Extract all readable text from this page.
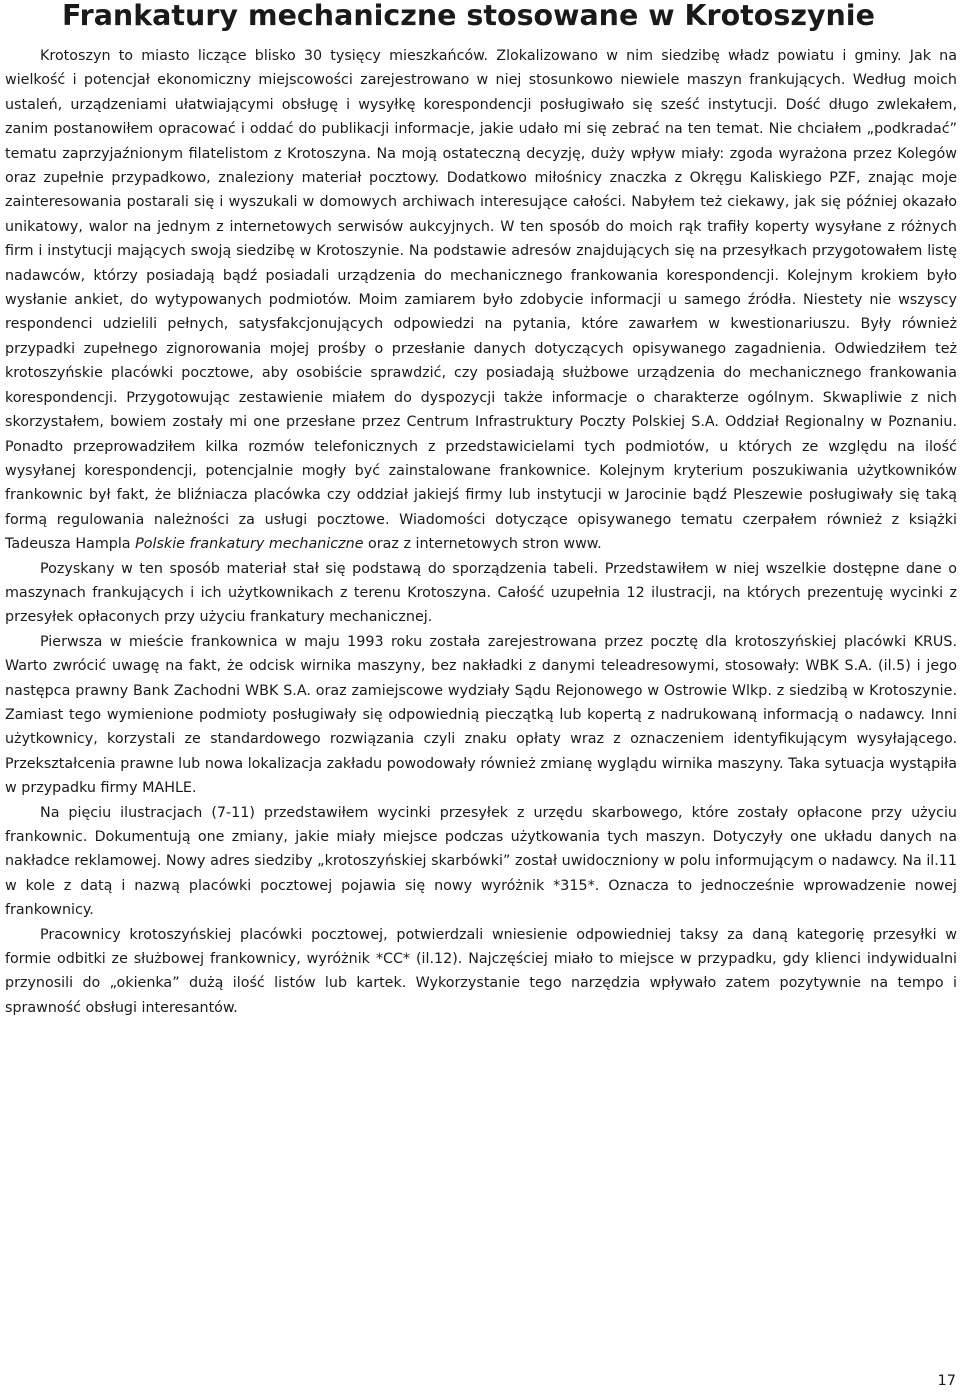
Frankatury mechaniczne stosowane w Krotoszynie

Krotoszyn to miasto liczące blisko 30 tysięcy mieszkańców. Zlokalizowano w nim siedzibę władz powiatu i gminy. Jak na wielkość i potencjał ekonomiczny miejscowości zarejestrowano w niej stosunkowo niewiele maszyn frankujących. Według moich ustaleń, urządzeniami ułatwiającymi obsługę i wysyłkę korespondencji posługiwało się sześć instytucji. Dość długo zwlekałem, zanim postanowiłem opracować i oddać do publikacji informacje, jakie udało mi się zebrać na ten temat. Nie chciałem „podkradać” tematu zaprzyjaźnionym filatelistom z Krotoszyna. Na moją ostateczną decyzję, duży wpływ miały: zgoda wyrażona przez Kolegów oraz zupełnie przypadkowo, znaleziony materiał pocztowy. Dodatkowo miłośnicy znaczka z Okręgu Kaliskiego PZF, znając moje zainteresowania postarali się i wyszukali w domowych archiwach interesujące całości. Nabyłem też ciekawy, jak się później okazało unikatowy, walor na jednym z internetowych serwisów aukcyjnych. W ten sposób do moich rąk trafiły koperty wysyłane z różnych firm i instytucji mających swoją siedzibę w Krotoszynie. Na podstawie adresów znajdujących się na przesyłkach przygotowałem listę nadawców, którzy posiadają bądź posiadali urządzenia do mechanicznego frankowania korespondencji. Kolejnym krokiem było wysłanie ankiet, do wytypowanych podmiotów. Moim zamiarem było zdobycie informacji u samego źródła. Niestety nie wszyscy respondenci udzielili pełnych, satysfakcjonujących odpowiedzi na pytania, które zawarłem w kwestionariuszu. Były również przypadki zupełnego zignorowania mojej prośby o przesłanie danych dotyczących opisywanego zagadnienia. Odwiedziłem też krotoszyńskie placówki pocztowe, aby osobiście sprawdzić, czy posiadają służbowe urządzenia do mechanicznego frankowania korespondencji. Przygotowując zestawienie miałem do dyspozycji także informacje o charakterze ogólnym. Skwapliwie z nich skorzystałem, bowiem zostały mi one przesłane przez Centrum Infrastruktury Poczty Polskiej S.A. Oddział Regionalny w Poznaniu. Ponadto przeprowadziłem kilka rozmów telefonicznych z przedstawicielami tych podmiotów, u których ze względu na ilość wysyłanej korespondencji, potencjalnie mogły być zainstalowane frankownice. Kolejnym kryterium poszukiwania użytkowników frankownic był fakt, że bliźniacza placówka czy oddział jakiejś firmy lub instytucji w Jarocinie bądź Pleszewie posługiwały się taką formą regulowania należności za usługi pocztowe. Wiadomości dotyczące opisywanego tematu czerpałem również z książki Tadeusza Hampla Polskie frankatury mechaniczne oraz z internetowych stron www.

Pozyskany w ten sposób materiał stał się podstawą do sporządzenia tabeli. Przedstawiłem w niej wszelkie dostępne dane o maszynach frankujących i ich użytkownikach z terenu Krotoszyna. Całość uzupełnia 12 ilustracji, na których prezentuję wycinki z przesyłek opłaconych przy użyciu frankatury mechanicznej.

Pierwsza w mieście frankownica w maju 1993 roku została zarejestrowana przez pocztę dla krotoszyńskiej placówki KRUS. Warto zwrócić uwagę na fakt, że odcisk wirnika maszyny, bez nakładki z danymi teleadresowymi, stosowały: WBK S.A. (il.5) i jego następca prawny Bank Zachodni WBK S.A. oraz zamiejscowe wydziały Sądu Rejonowego w Ostrowie Wlkp. z siedzibą w Krotoszynie. Zamiast tego wymienione podmioty posługiwały się odpowiednią pieczątką lub kopertą z nadrukowaną informacją o nadawcy. Inni użytkownicy, korzystali ze standardowego rozwiązania czyli znaku opłaty wraz z oznaczeniem identyfikującym wysyłającego. Przekształcenia prawne lub nowa lokalizacja zakładu powodowały również zmianę wyglądu wirnika maszyny. Taka sytuacja wystąpiła w przypadku firmy MAHLE.

Na pięciu ilustracjach (7-11) przedstawiłem wycinki przesyłek z urzędu skarbowego, które zostały opłacone przy użyciu frankownic. Dokumentują one zmiany, jakie miały miejsce podczas użytkowania tych maszyn. Dotyczyły one układu danych na nakładce reklamowej. Nowy adres siedziby „krotoszyńskiej skarbówki” został uwidoczniony w polu informującym o nadawcy. Na il.11 w kole z datą i nazwą placówki pocztowej pojawia się nowy wyróżnik *315*. Oznacza to jednocześnie wprowadzenie nowej frankownicy.

Pracownicy krotoszyńskiej placówki pocztowej, potwierdzali wniesienie odpowiedniej taksy za daną kategorię przesyłki w formie odbitki ze służbowej frankownicy, wyróżnik *CC* (il.12). Najczęściej miało to miejsce w przypadku, gdy klienci indywidualni przynosili do „okienka” dużą ilość listów lub kartek. Wykorzystanie tego narzędzia wpływało zatem pozytywnie na tempo i sprawność obsługi interesantów.

17
